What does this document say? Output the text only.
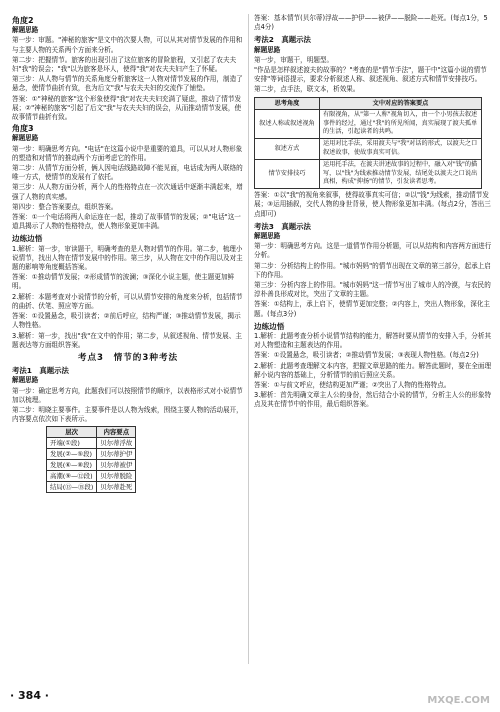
角度2
解题思路
第一步：审题。"神秘的旅客"是文中的次要人物，可以从其对情节发展的作用和与主要人物的关系两个方面来分析。
第二步：把握情节。旅客的出现引出了这位旅客的冒险旅程，又引起了农夫夫妇"我"的误会；"我"以为旅客是坏人，使得"我"对农夫夫妇产生了怀疑。
第三步：从人物与情节的关系角度分析旅客这一人物对情节发展的作用，制造了悬念，使情节曲折有致，也为后文"我"与农夫夫妇的交流作了铺垫。
答案：①"神秘的旅客"这个形象使得"我"对农夫夫妇充满了疑虑，推动了情节发展；②"神秘的旅客"引起了后文"我"与农夫夫妇的误会，从而推动情节发展，使故事情节曲折有致。
角度3
解题思路
第一步：明确思考方向。"电话"在这篇小说中是重要的道具，可以从对人物形象的塑造和对情节的推动两个方面考虑它的作用。
第二步：从情节方面分析，俩人因电话线路故障不能见面，电话成为两人联络的唯一方式，使情节的发展有了依托。
第三步：从人物方面分析，两个人的性格特点在一次次通话中逐渐丰满起来，增强了人物的真实感。
第四步：整合答案要点，组织答案。
答案：①一个电话将两人命运连在一起，推动了故事情节的发展；②"电话"这一道具揭示了人物的性格特点，使人物形象更加丰满。
边练边悟
1.解析：第一步，审读题干，明确考查的是人物对情节的作用。第二步，梳理小说情节，找出人物在情节发展中的作用。第三步，从人物在文中的作用以及对主题的影响等角度概括答案。
答案：①推动情节发展；②形成情节的波澜；③深化小说主题，使主题更加鲜明。
2.解析：本题考查对小说情节的分析，可以从情节安排的角度来分析，包括情节的曲折、伏笔、照应等方面。
答案：①设置悬念，吸引读者；②前后呼应，结构严谨；③推动情节发展，揭示人物性格。
3.解析：第一步，找出"我"在文中的作用；第二步，从叙述视角、情节发展、主题表达等方面组织答案。
考点3　情节的3种考法
考法1　真题示法
解题思路
第一步：确定思考方向，此题我们可以按照情节的顺序，以表格形式对小说情节加以梳理。
第二步：明晓主要事件。主要事件是以人物为线索，围绕主要人物的活动展开，内容要点依次如下表所示。
层次	内容要点
开端(①段)	贝尔蒂浮故
发展(②—⑤段)	贝尔蒂护伊
发展(⑥—⑧段)	贝尔蒂被伊
高潮(⑨—⑫段)	贝尔蒂脱险
结局(⑬—⑮段)	贝尔蒂赴死
答案：基本情节(贝尔蒂)浮故——护伊——被伊——脱险——赴死。(每点1分，5点4分)
考法2　真题示法
解题思路
第一步，审题干，明题型。
"作品是怎样叙述渡夫的故事的？"考查的是"情节手法"，题干中"这篇小说的情节安排"等词语提示，要求分析叙述人称、叙述视角、叙述方式和情节安排技巧。
第二步，点手法，联文本，析效果。
思考角度	文中对应的答案要点
叙述人称或叙述视角	有限视角，从"第一人称"视角切入，由一个小男孩去叙述事件的经过，通过"我"的所见所闻，真实展现了渡夫孤单的生活，引起读者的共鸣。
叙述方式	运用对比手法，采用渡夫与"我"对话的形式，以渡夫之口叙述故事，使故事真实可信。
情节安排技巧	运用托手法，在渡夫讲述故事的过程中，融入对"钱"的描写，以"钱"为线索推动情节发展，结尾处以渡夫之口说出真相，构成"抑扬"的情节，引发读者思考。
答案：①以"我"的视角来叙事，使得故事真实可信；②以"钱"为线索，推动情节发展；③运用插叙，交代人物的身世背景，使人物形象更加丰满。(每点2分，答出三点即可)
考法3　真题示法
解题思路
第一步：明确思考方向。这是一道情节作用分析题，可以从结构和内容两方面进行分析。
第二步：分析结构上的作用。"城市妈妈"的情节出现在文章的第三部分，起承上启下的作用。
第三步：分析内容上的作用。"城市妈妈"这一情节写出了城市人的冷漠，与农民的淳朴善良形成对比，突出了文章的主题。
答案：①结构上，承上启下，使情节更加完整；②内容上，突出人物形象，深化主题。(每点3分)
边练边悟
1.解析：此题考查分析小说情节结构的能力，解答时要从情节的安排入手，分析其对人物塑造和主题表达的作用。
答案：①设置悬念，吸引读者；②推动情节发展；③表现人物性格。(每点2分)
2.解析：此题考查理解文本内容，把握文章思路的能力。解答此题时，要在全面理解小说内容的基础上，分析情节的前后照应关系。
答案：①与前文呼应，使结构更加严谨；②突出了人物的性格特点。
3.解析：首先明确文章主人公的身份，然后结合小说的情节，分析主人公的形象特点及其在情节中的作用，最后组织答案。
· 384 ·	MXQE.COM
